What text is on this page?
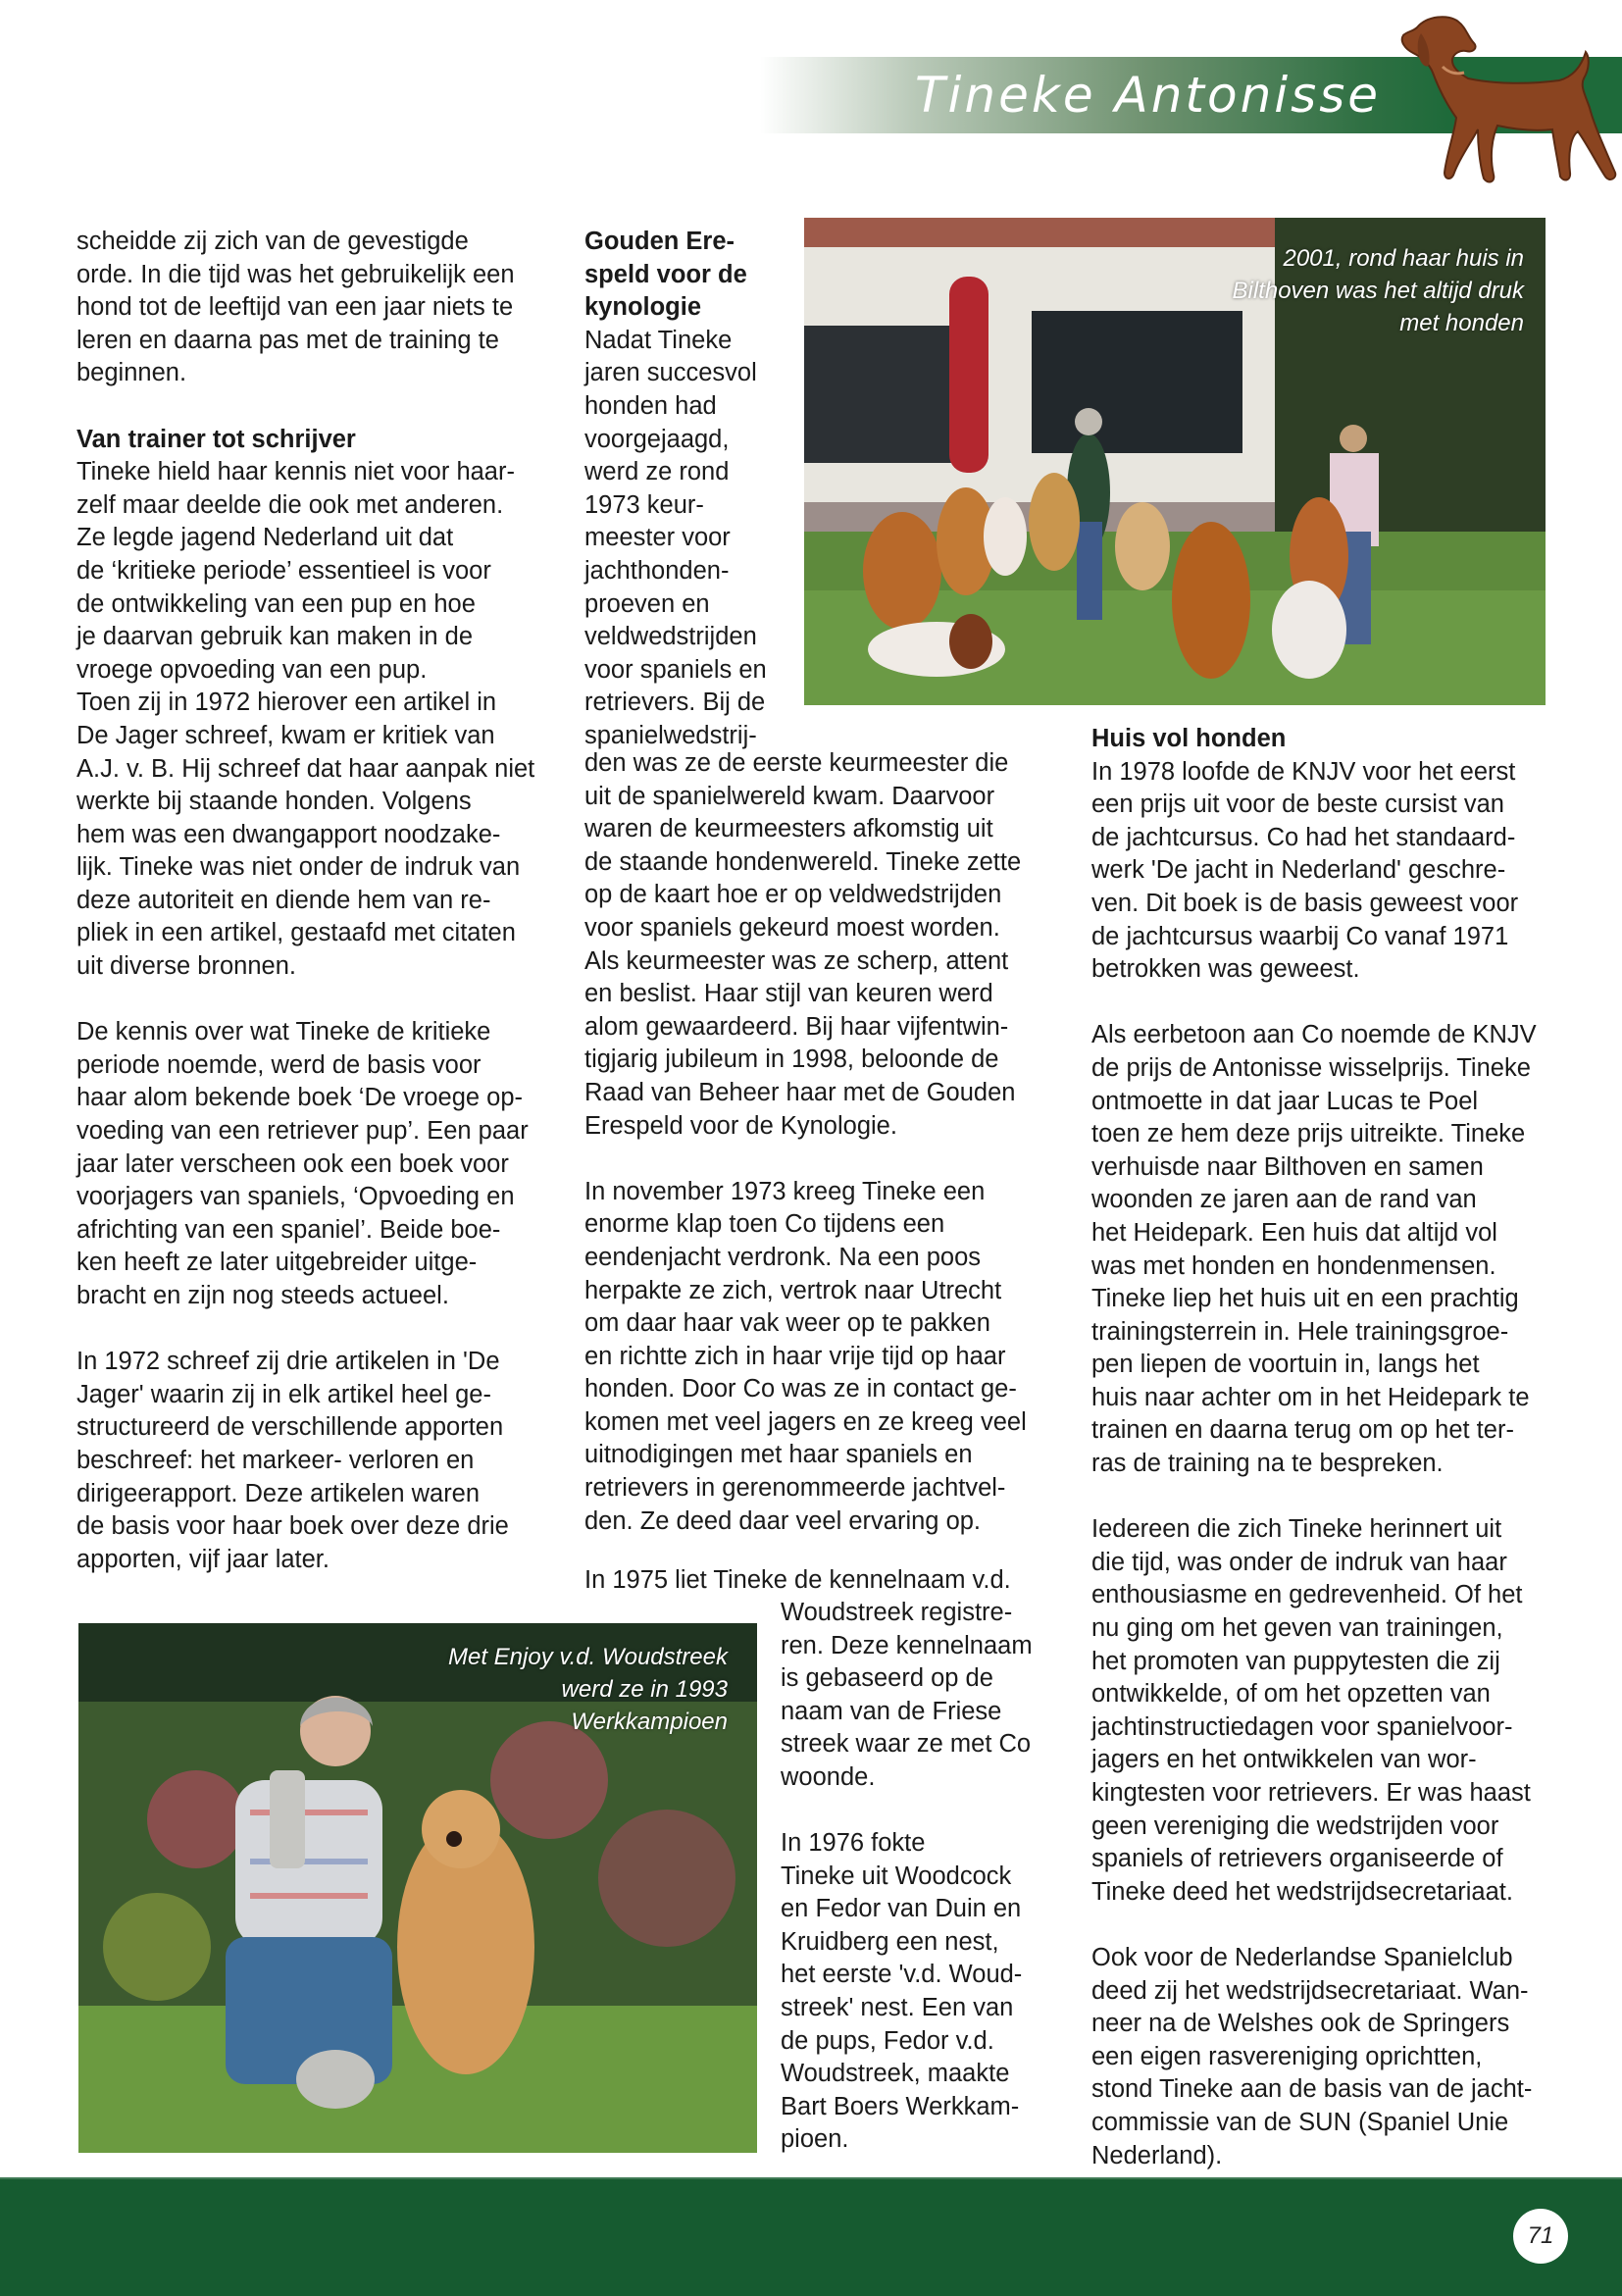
Tineke Antonisse

scheidde zij zich van de gevestigde
orde. In die tijd was het gebruikelijk een
hond tot de leeftijd van een jaar niets te
leren en daarna pas met de training te
beginnen.

Van trainer tot schrijver

Tineke hield haar kennis niet voor haar-
zelf maar deelde die ook met anderen.
Ze legde jagend Nederland uit dat
de ‘kritieke periode’ essentieel is voor
de ontwikkeling van een pup en hoe
je daarvan gebruik kan maken in de
vroege opvoeding van een pup.
Toen zij in 1972 hierover een artikel in
De Jager schreef, kwam er kritiek van
A.J. v. B. Hij schreef dat haar aanpak niet
werkte bij staande honden. Volgens
hem was een dwangapport noodzake-
lijk. Tineke was niet onder de indruk van
deze autoriteit en diende hem van re-
pliek in een artikel, gestaafd met citaten
uit diverse bronnen.

De kennis over wat Tineke de kritieke
periode noemde, werd de basis voor
haar alom bekende boek ‘De vroege op-
voeding van een retriever pup’. Een paar
jaar later verscheen ook een boek voor
voorjagers van spaniels, ‘Opvoeding en
africhting van een spaniel’. Beide boe-
ken heeft ze later uitgebreider uitge-
bracht en zijn nog steeds actueel.

In 1972 schreef zij drie artikelen in 'De
Jager' waarin zij in elk artikel heel ge-
structureerd de verschillende apporten
beschreef: het markeer- verloren en
dirigeerapport. Deze artikelen waren
de basis voor haar boek over deze drie
apporten, vijf jaar later.

Gouden Ere-
speld voor de
kynologie

Nadat Tineke
jaren succesvol
honden had
voorgejaagd,
werd ze rond
1973 keur-
meester voor
jachthonden-
proeven en
veldwedstrijden
voor spaniels en
retrievers. Bij de
spanielwedstrij-

den was ze de eerste keurmeester die
uit de spanielwereld kwam. Daarvoor
waren de keurmeesters afkomstig uit
de staande hondenwereld. Tineke zette
op de kaart hoe er op veldwedstrijden
voor spaniels gekeurd moest worden.
Als keurmeester was ze scherp, attent
en beslist. Haar stijl van keuren werd
alom gewaardeerd. Bij haar vijfentwin-
tigjarig jubileum in 1998, beloonde de
Raad van Beheer haar met de Gouden
Erespeld voor de Kynologie.

In november 1973 kreeg Tineke een
enorme klap toen Co tijdens een
eendenjacht verdronk. Na een poos
herpakte ze zich, vertrok naar Utrecht
om daar haar vak weer op te pakken
en richtte zich in haar vrije tijd op haar
honden. Door Co was ze in contact ge-
komen met veel jagers en ze kreeg veel
uitnodigingen met haar spaniels en
retrievers in gerenommeerde jachtvel-
den. Ze deed daar veel ervaring op.

In 1975 liet Tineke de kennelnaam v.d.

Woudstreek registre-
ren. Deze kennelnaam
is gebaseerd op de
naam van de Friese
streek waar ze met Co
woonde.

In 1976 fokte
Tineke uit Woodcock
en Fedor van Duin en
Kruidberg een nest,
het eerste 'v.d. Woud-
streek' nest. Een van
de pups, Fedor v.d.
Woudstreek, maakte
Bart Boers Werkkam-
pioen.

Huis vol honden

In 1978 loofde de KNJV voor het eerst
een prijs uit voor de beste cursist van
de jachtcursus. Co had het standaard-
werk 'De jacht in Nederland' geschre-
ven. Dit boek is de basis geweest voor
de jachtcursus waarbij Co vanaf 1971
betrokken was geweest.

Als eerbetoon aan Co noemde de KNJV
de prijs de Antonisse wisselprijs. Tineke
ontmoette in dat jaar Lucas te Poel
toen ze hem deze prijs uitreikte. Tineke
verhuisde naar Bilthoven en samen
woonden ze jaren aan de rand van
het Heidepark. Een huis dat altijd vol
was met honden en hondenmensen.
Tineke liep het huis uit en een prachtig
trainingsterrein in. Hele trainingsgroe-
pen liepen de voortuin in, langs het
huis naar achter om in het Heidepark te
trainen en daarna terug om op het ter-
ras de training na te bespreken.

Iedereen die zich Tineke herinnert uit
die tijd, was onder de indruk van haar
enthousiasme en gedrevenheid. Of het
nu ging om het geven van trainingen,
het promoten van puppytesten die zij
ontwikkelde, of om het opzetten van
jachtinstructiedagen voor spanielvoor-
jagers en het ontwikkelen van wor-
kingtesten voor retrievers. Er was haast
geen vereniging die wedstrijden voor
spaniels of retrievers organiseerde of
Tineke deed het wedstrijdsecretariaat.

Ook voor de Nederlandse Spanielclub
deed zij het wedstrijdsecretariaat. Wan-
neer na de Welshes ook de Springers
een eigen rasvereniging oprichtten,
stond Tineke aan de basis van de jacht-
commissie van de SUN (Spaniel Unie
Nederland).

2001, rond haar huis in
Bilthoven was het altijd druk
met honden
Met Enjoy v.d. Woudstreek
werd ze in 1993
Werkkampioen
71
